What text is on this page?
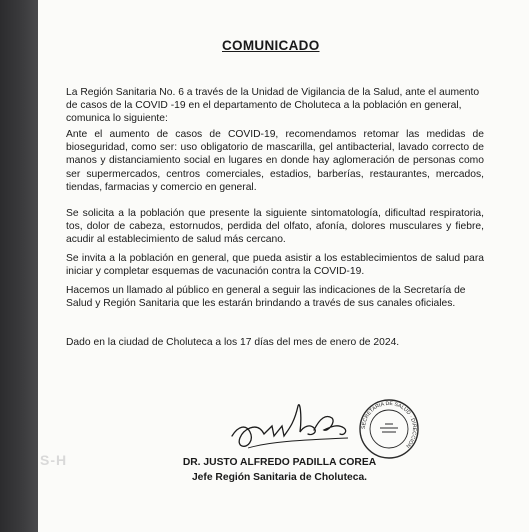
S-H
COMUNICADO
La Región Sanitaria No. 6 a través de la Unidad de Vigilancia de la Salud, ante el aumento de casos de la COVID -19 en el departamento de Choluteca a la población en general, comunica lo siguiente:
Ante el aumento de casos de COVID-19, recomendamos retomar las medidas de bioseguridad, como ser: uso obligatorio de mascarilla, gel antibacterial, lavado correcto de manos y distanciamiento social en lugares en donde hay aglomeración de personas como ser supermercados, centros comerciales, estadios, barberías, restaurantes, mercados, tiendas, farmacias y comercio en general.
Se solicita a la población que presente la siguiente sintomatología, dificultad respiratoria, tos, dolor de cabeza, estornudos, perdida del olfato, afonía, dolores musculares y fiebre, acudir al establecimiento de salud más cercano.
Se invita a la población en general, que pueda asistir a los establecimientos de salud para iniciar y completar esquemas de vacunación contra la COVID-19.
Hacemos un llamado al público en general a seguir las indicaciones de la Secretaría de Salud y Región Sanitaria que les estarán brindando a través de sus canales oficiales.
Dado en la ciudad de Choluteca a los 17 días del mes de enero de 2024.
SECRETARIA DE SALUD · DIRECCION
DR. JUSTO ALFREDO PADILLA COREA
Jefe Región Sanitaria de Choluteca.
